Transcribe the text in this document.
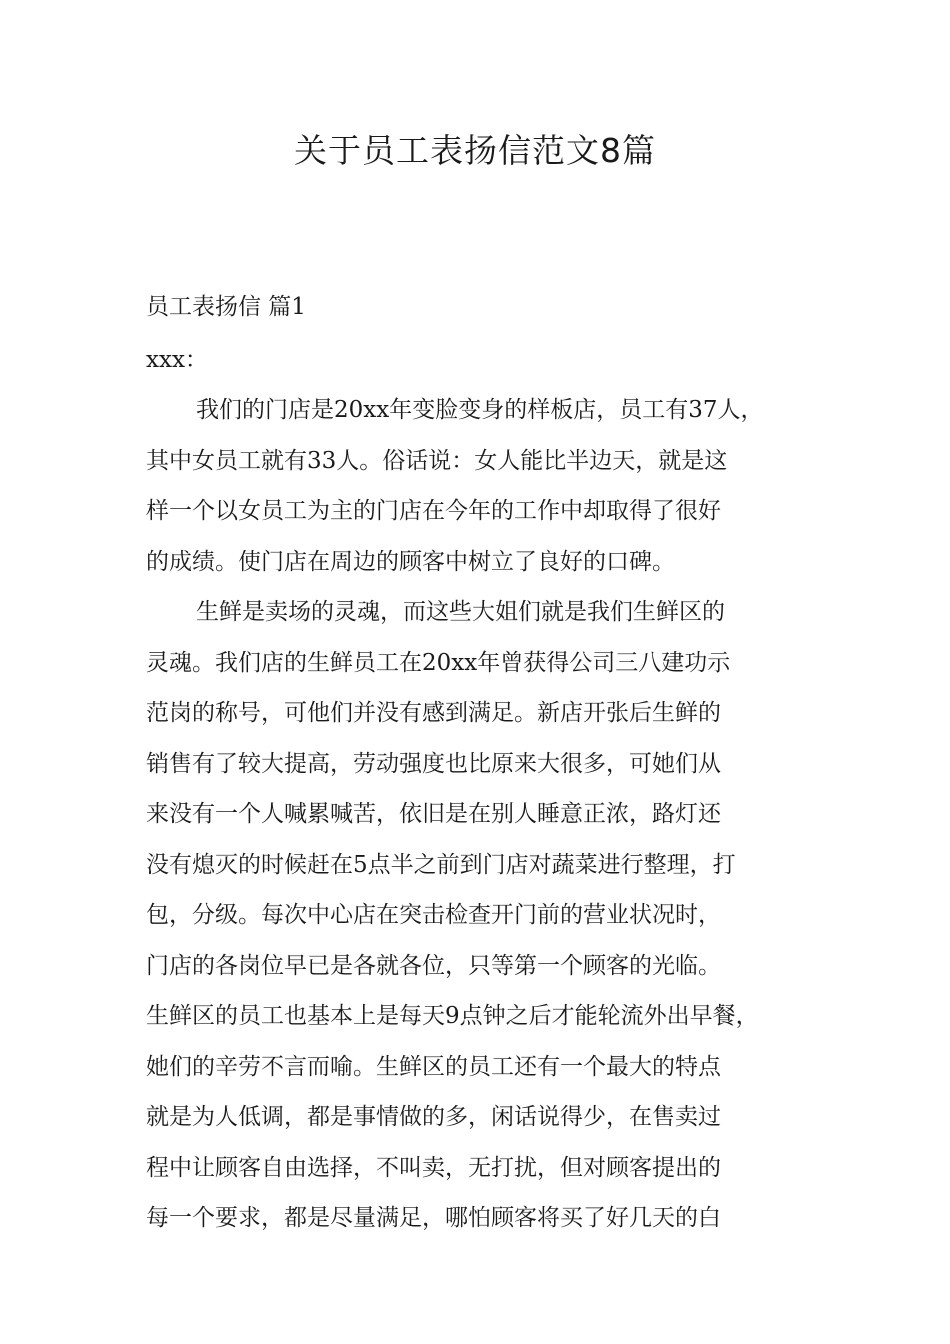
关于员工表扬信范文8篇

员工表扬信 篇1

xxx：

我们的门店是20xx年变脸变身的样板店，员工有37人，
其中女员工就有33人。俗话说：女人能比半边天，就是这
样一个以女员工为主的门店在今年的工作中却取得了很好
的成绩。使门店在周边的顾客中树立了良好的口碑。

生鲜是卖场的灵魂，而这些大姐们就是我们生鲜区的
灵魂。我们店的生鲜员工在20xx年曾获得公司三八建功示
范岗的称号，可他们并没有感到满足。新店开张后生鲜的
销售有了较大提高，劳动强度也比原来大很多，可她们从
来没有一个人喊累喊苦，依旧是在别人睡意正浓，路灯还
没有熄灭的时候赶在5点半之前到门店对蔬菜进行整理，打
包，分级。每次中心店在突击检查开门前的营业状况时，
门店的各岗位早已是各就各位，只等第一个顾客的光临。
生鲜区的员工也基本上是每天9点钟之后才能轮流外出早餐，
她们的辛劳不言而喻。生鲜区的员工还有一个最大的特点
就是为人低调，都是事情做的多，闲话说得少，在售卖过
程中让顾客自由选择，不叫卖，无打扰，但对顾客提出的
每一个要求，都是尽量满足，哪怕顾客将买了好几天的白
